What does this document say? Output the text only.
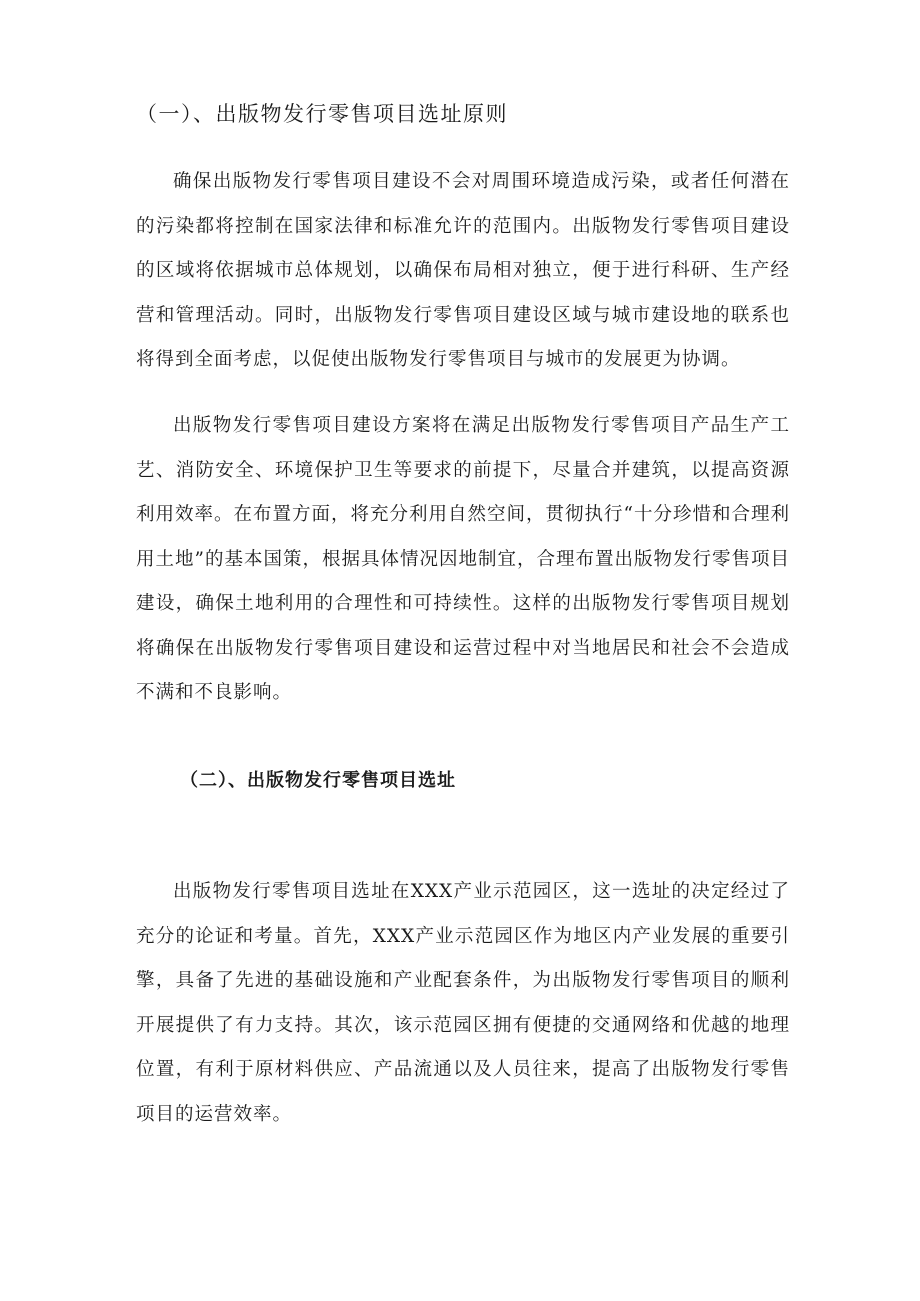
（一）、出版物发行零售项目选址原则

确保出版物发行零售项目建设不会对周围环境造成污染，或者任何潜在的污染都将控制在国家法律和标准允许的范围内。出版物发行零售项目建设的区域将依据城市总体规划，以确保布局相对独立，便于进行科研、生产经营和管理活动。同时，出版物发行零售项目建设区域与城市建设地的联系也将得到全面考虑，以促使出版物发行零售项目与城市的发展更为协调。

出版物发行零售项目建设方案将在满足出版物发行零售项目产品生产工艺、消防安全、环境保护卫生等要求的前提下，尽量合并建筑，以提高资源利用效率。在布置方面，将充分利用自然空间，贯彻执行“十分珍惜和合理利用土地”的基本国策，根据具体情况因地制宜，合理布置出版物发行零售项目建设，确保土地利用的合理性和可持续性。这样的出版物发行零售项目规划将确保在出版物发行零售项目建设和运营过程中对当地居民和社会不会造成不满和不良影响。

（二）、出版物发行零售项目选址

出版物发行零售项目选址在XXX产业示范园区，这一选址的决定经过了充分的论证和考量。首先，XXX产业示范园区作为地区内产业发展的重要引擎，具备了先进的基础设施和产业配套条件，为出版物发行零售项目的顺利开展提供了有力支持。其次，该示范园区拥有便捷的交通网络和优越的地理位置，有利于原材料供应、产品流通以及人员往来，提高了出版物发行零售项目的运营效率。
